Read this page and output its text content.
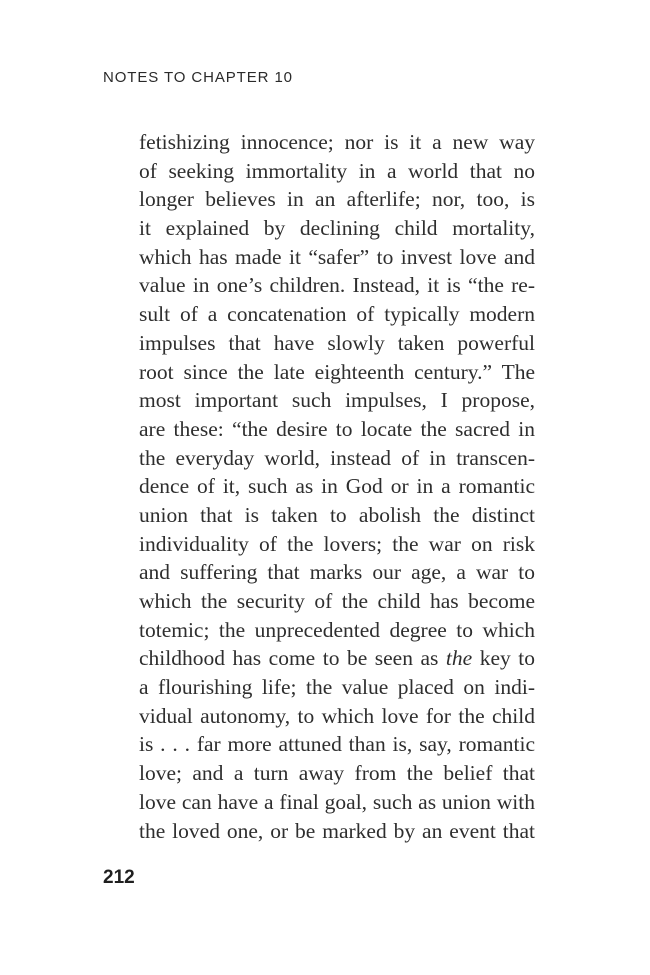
NOTES TO CHAPTER 10
fetishizing innocence; nor is it a new way
of seeking immortality in a world that no
longer believes in an afterlife; nor, too, is
it explained by declining child mortality,
which has made it “safer” to invest love and
value in one’s children. Instead, it is “the re-
sult of a concatenation of typically modern
impulses that have slowly taken powerful
root since the late eighteenth century.” The
most important such impulses, I propose,
are these: “the desire to locate the sacred in
the everyday world, instead of in transcen-
dence of it, such as in God or in a romantic
union that is taken to abolish the distinct
individuality of the lovers; the war on risk
and suffering that marks our age, a war to
which the security of the child has become
totemic; the unprecedented degree to which
childhood has come to be seen as the key to
a flourishing life; the value placed on indi-
vidual autonomy, to which love for the child
is . . . far more attuned than is, say, romantic
love; and a turn away from the belief that
love can have a final goal, such as union with
the loved one, or be marked by an event that
212
